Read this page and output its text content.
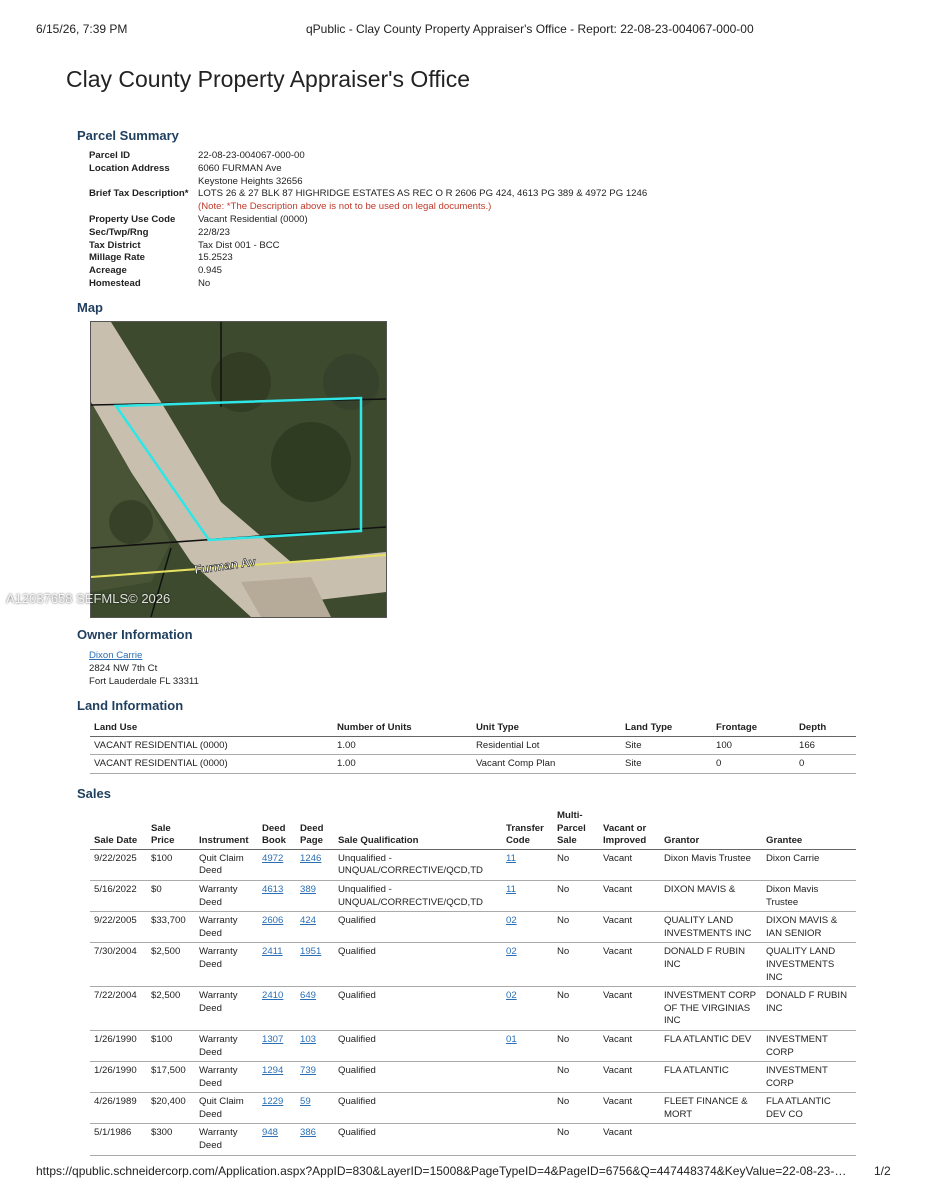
6/15/26, 7:39 PM	qPublic - Clay County Property Appraiser's Office - Report: 22-08-23-004067-000-00
Clay County Property Appraiser's Office
Parcel Summary
Parcel ID	22-08-23-004067-000-00
Location Address	6060 FURMAN Ave
Keystone Heights 32656
Brief Tax Description* LOTS 26 & 27 BLK 87 HIGHRIDGE ESTATES AS REC O R 2606 PG 424, 4613 PG 389 & 4972 PG 1246
(Note: *The Description above is not to be used on legal documents.)
Property Use Code	Vacant Residential (0000)
Sec/Twp/Rng	22/8/23
Tax District	Tax Dist 001 - BCC
Millage Rate	15.2523
Acreage	0.945
Homestead	No
Map
Furman Av
A12037658 SEFMLS© 2026
Owner Information
Dixon Carrie
2824 NW 7th Ct
Fort Lauderdale FL 33311
Land Information
Land Use	Number of Units	Unit Type	Land Type	Frontage	Depth
VACANT RESIDENTIAL (0000)	1.00	Residential Lot	Site	100	166
VACANT RESIDENTIAL (0000)	1.00	Vacant Comp Plan	Site	0	0
Sales
Sale Date	Sale Price	Instrument	Deed Book	Deed Page	Sale Qualification	Transfer Code	Multi-Parcel Sale	Vacant or Improved	Grantor	Grantee
9/22/2025	$100	Quit Claim Deed	4972	1246	Unqualified - UNQUAL/CORRECTIVE/QCD,TD	11	No	Vacant	Dixon Mavis Trustee	Dixon Carrie
5/16/2022	$0	Warranty Deed	4613	389	Unqualified - UNQUAL/CORRECTIVE/QCD,TD	11	No	Vacant	DIXON MAVIS &	Dixon Mavis Trustee
9/22/2005	$33,700	Warranty Deed	2606	424	Qualified	02	No	Vacant	QUALITY LAND INVESTMENTS INC	DIXON MAVIS & IAN SENIOR
7/30/2004	$2,500	Warranty Deed	2411	1951	Qualified	02	No	Vacant	DONALD F RUBIN INC	QUALITY LAND INVESTMENTS INC
7/22/2004	$2,500	Warranty Deed	2410	649	Qualified	02	No	Vacant	INVESTMENT CORP OF THE VIRGINIAS INC	DONALD F RUBIN INC
1/26/1990	$100	Warranty Deed	1307	103	Qualified	01	No	Vacant	FLA ATLANTIC DEV	INVESTMENT CORP
1/26/1990	$17,500	Warranty Deed	1294	739	Qualified		No	Vacant	FLA ATLANTIC	INVESTMENT CORP
4/26/1989	$20,400	Quit Claim Deed	1229	59	Qualified		No	Vacant	FLEET FINANCE & MORT	FLA ATLANTIC DEV CO
5/1/1986	$300	Warranty Deed	948	386	Qualified		No	Vacant		
https://qpublic.schneidercorp.com/Application.aspx?AppID=830&LayerID=15008&PageTypeID=4&PageID=6756&Q=447448374&KeyValue=22-08-23-…	1/2
